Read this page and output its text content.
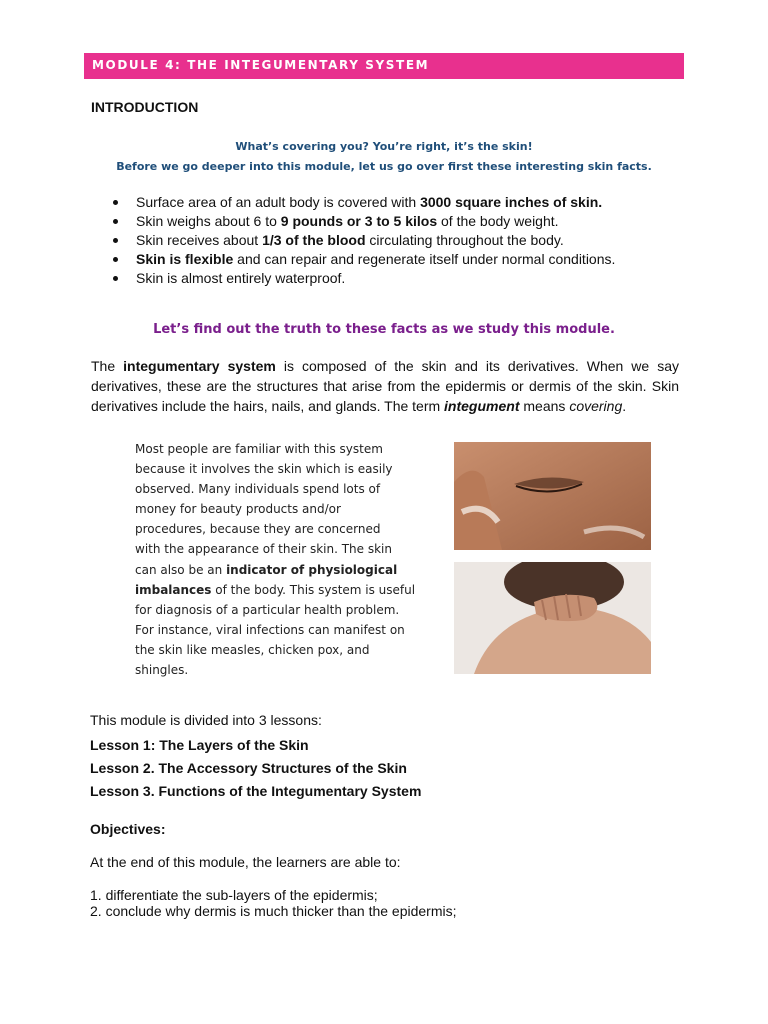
MODULE 4: THE INTEGUMENTARY SYSTEM
INTRODUCTION
What’s covering you? You’re right, it’s the skin!
Before we go deeper into this module, let us go over first these interesting skin facts.
Surface area of an adult body is covered with 3000 square inches of skin.
Skin weighs about 6 to 9 pounds or 3 to 5 kilos of the body weight.
Skin receives about 1/3 of the blood circulating throughout the body.
Skin is flexible and can repair and regenerate itself under normal conditions.
Skin is almost entirely waterproof.
Let’s find out the truth to these facts as we study this module.

The integumentary system is composed of the skin and its derivatives. When we say
derivatives, these are the structures that arise from the epidermis or dermis of the skin. Skin
derivatives include the hairs, nails, and glands. The term integument means covering.

Most people are familiar with this system
because it involves the skin which is easily
observed. Many individuals spend lots of
money for beauty products and/or
procedures, because they are concerned
with the appearance of their skin. The skin
can also be an indicator of physiological
imbalances of the body. This system is useful
for diagnosis of a particular health problem.
For instance, viral infections can manifest on
the skin like measles, chicken pox, and
shingles.
This module is divided into 3 lessons:
Lesson 1: The Layers of the Skin
Lesson 2. The Accessory Structures of the Skin
Lesson 3. Functions of the Integumentary System
Objectives:
At the end of this module, the learners are able to:
1. differentiate the sub-layers of the epidermis;
2. conclude why dermis is much thicker than the epidermis;
